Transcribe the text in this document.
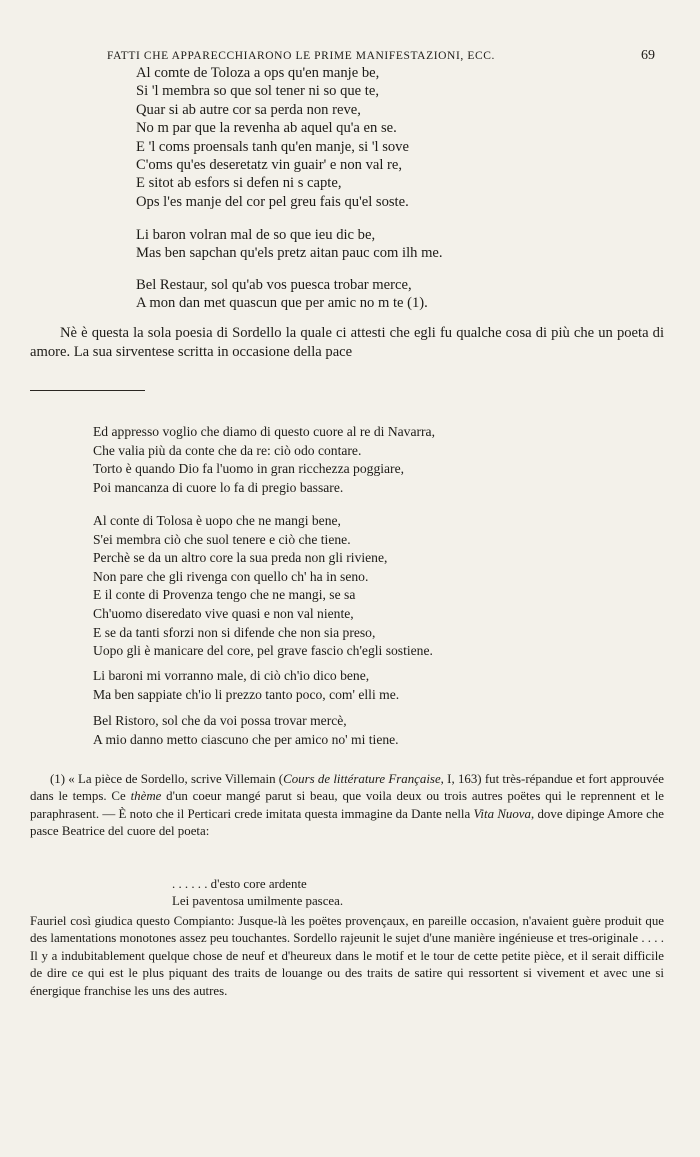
FATTI CHE APPARECCHIARONO LE PRIME MANIFESTAZIONI, ECC.	69
Al comte de Toloza a ops qu'en manje be,
Si 'l membra so que sol tener ni so que te,
Quar si ab autre cor sa perda non reve,
No m par que la revenha ab aquel qu'a en se.
E 'l coms proensals tanh qu'en manje, si 'l sove
C'oms qu'es deseretatz vin guair' e non val re,
E sitot ab esfors si defen ni s capte,
Ops l'es manje del cor pel greu fais qu'el soste.
Li baron volran mal de so que ieu dic be,
Mas ben sapchan qu'els pretz aitan pauc com ilh me.
Bel Restaur, sol qu'ab vos puesca trobar merce,
A mon dan met quascun que per amic no m te (1).

Nè è questa la sola poesia di Sordello la quale ci attesti che egli fu qualche cosa di più che un poeta di amore. La sua sirventese scritta in occasione della pace

Ed appresso voglio che diamo di questo cuore al re di Navarra,
Che valia più da conte che da re: ciò odo contare.
Torto è quando Dio fa l'uomo in gran ricchezza poggiare,
Poi mancanza di cuore lo fa di pregio bassare.
Al conte di Tolosa è uopo che ne mangi bene,
S'ei membra ciò che suol tenere e ciò che tiene.
Perchè se da un altro core la sua preda non gli riviene,
Non pare che gli rivenga con quello ch' ha in seno.
E il conte di Provenza tengo che ne mangi, se sa
Ch'uomo diseredato vive quasi e non val niente,
E se da tanti sforzi non si difende che non sia preso,
Uopo gli è manicare del core, pel grave fascio ch'egli sostiene.
Li baroni mi vorranno male, di ciò ch'io dico bene,
Ma ben sappiate ch'io li prezzo tanto poco, com' elli me.
Bel Ristoro, sol che da voi possa trovar mercè,
A mio danno metto ciascuno che per amico no' mi tiene.

(1) « La pièce de Sordello, scrive Villemain (Cours de littérature Française, I, 163) fut très-répandue et fort approuvée dans le temps. Ce thème d'un coeur mangé parut si beau, que voila deux ou trois autres poëtes qui le reprennent et le paraphrasent. — È noto che il Perticari crede imitata questa immagine da Dante nella Vita Nuova, dove dipinge Amore che pasce Beatrice del cuore del poeta:

. . . . . . d'esto core ardente
Lei paventosa umilmente pascea.

Fauriel così giudica questo Compianto: Jusque-là les poëtes provençaux, en pareille occasion, n'avaient guère produit que des lamentations monotones assez peu touchantes. Sordello rajeunit le sujet d'une manière ingénieuse et tres-originale . . . . Il y a indubitablement quelque chose de neuf et d'heureux dans le motif et le tour de cette petite pièce, et il serait difficile de dire ce qui est le plus piquant des traits de louange ou des traits de satire qui ressortent si vivement et avec une si énergique franchise les uns des autres.
